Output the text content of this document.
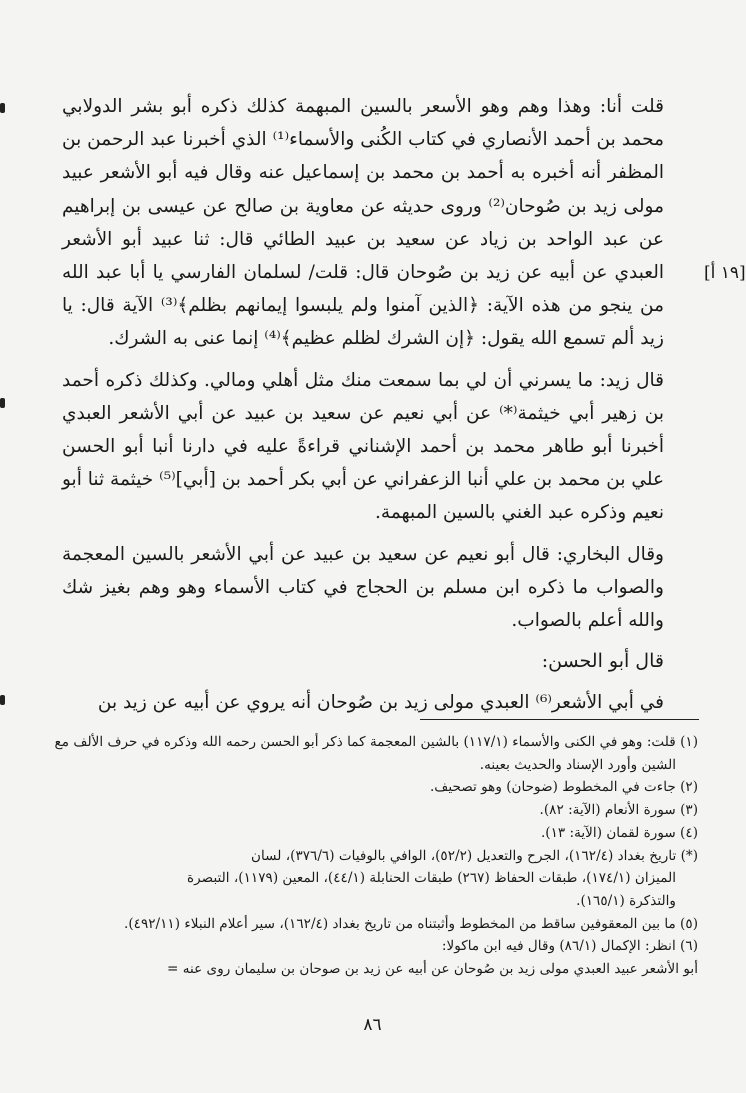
[١٩ أ]

قلت أنا: وهذا وهم وهو الأسعر بالسين المبهمة كذلك ذكره أبو بشر الدولابي محمد بن أحمد الأنصاري في كتاب الكُنى والأسماء⁽¹⁾ الذي أخبرنا عبد الرحمن بن المظفر أنه أخبره به أحمد بن محمد بن إسماعيل عنه وقال فيه أبو الأشعر عبيد مولى زيد بن صُوحان⁽²⁾ وروى حديثه عن معاوية بن صالح عن عيسى بن إبراهيم عن عبد الواحد بن زياد عن سعيد بن عبيد الطائي قال: ثنا عبيد أبو الأشعر العبدي عن أبيه عن زيد بن صُوحان قال: قلت/ لسلمان الفارسي يا أبا عبد الله من ينجو من هذه الآية: ﴿الذين آمنوا ولم يلبسوا إيمانهم بظلم﴾⁽³⁾ الآية قال: يا زيد ألم تسمع الله يقول: ﴿إن الشرك لظلم عظيم﴾⁽⁴⁾ إنما عنى به الشرك.

قال زيد: ما يسرني أن لي بما سمعت منك مثل أهلي ومالي. وكذلك ذكره أحمد بن زهير أبي خيثمة⁽*⁾ عن أبي نعيم عن سعيد بن عبيد عن أبي الأشعر العبدي أخبرنا أبو طاهر محمد بن أحمد الإشناني قراءةً عليه في دارنا أنبا أبو الحسن علي بن محمد بن علي أنبا الزعفراني عن أبي بكر أحمد بن [أبي]⁽⁵⁾ خيثمة ثنا أبو نعيم وذكره عبد الغني بالسين المبهمة.

وقال البخاري: قال أبو نعيم عن سعيد بن عبيد عن أبي الأشعر بالسين المعجمة والصواب ما ذكره ابن مسلم بن الحجاج في كتاب الأسماء وهو وهم بغيز شك والله أعلم بالصواب.

قال أبو الحسن:

في أبي الأشعر⁽⁶⁾ العبدي مولى زيد بن صُوحان أنه يروي عن أبيه عن زيد بن

(١) قلت: وهو في الكنى والأسماء (١١٧/١) بالشين المعجمة كما ذكر أبو الحسن رحمه الله وذكره في حرف الألف مع

الشين وأورد الإسناد والحديث بعينه.

(٢) جاءت في المخطوط (ضوحان) وهو تصحيف.

(٣) سورة الأنعام (الآية: ٨٢).

(٤) سورة لقمان (الآية: ١٣).

(*) تاريخ بغداد (١٦٢/٤)، الجرح والتعديل (٥٢/٢)، الوافي بالوفيات (٣٧٦/٦)، لسان

الميزان (١٧٤/١)، طبقات الحفاظ (٢٦٧) طبقات الحنابلة (٤٤/١)، المعين (١١٧٩)، التبصرة

والتذكرة (١٦٥/١).

(٥) ما بين المعقوفين ساقط من المخطوط وأثبتناه من تاريخ بغداد (١٦٢/٤)، سير أعلام النبلاء (٤٩٢/١١).

(٦) انظر: الإكمال (٨٦/١) وقال فيه ابن ماكولا:

أبو الأشعر عبيد العبدي مولى زيد بن صُوحان عن أبيه عن زيد بن صوحان بن سليمان روى عنه =

٨٦
